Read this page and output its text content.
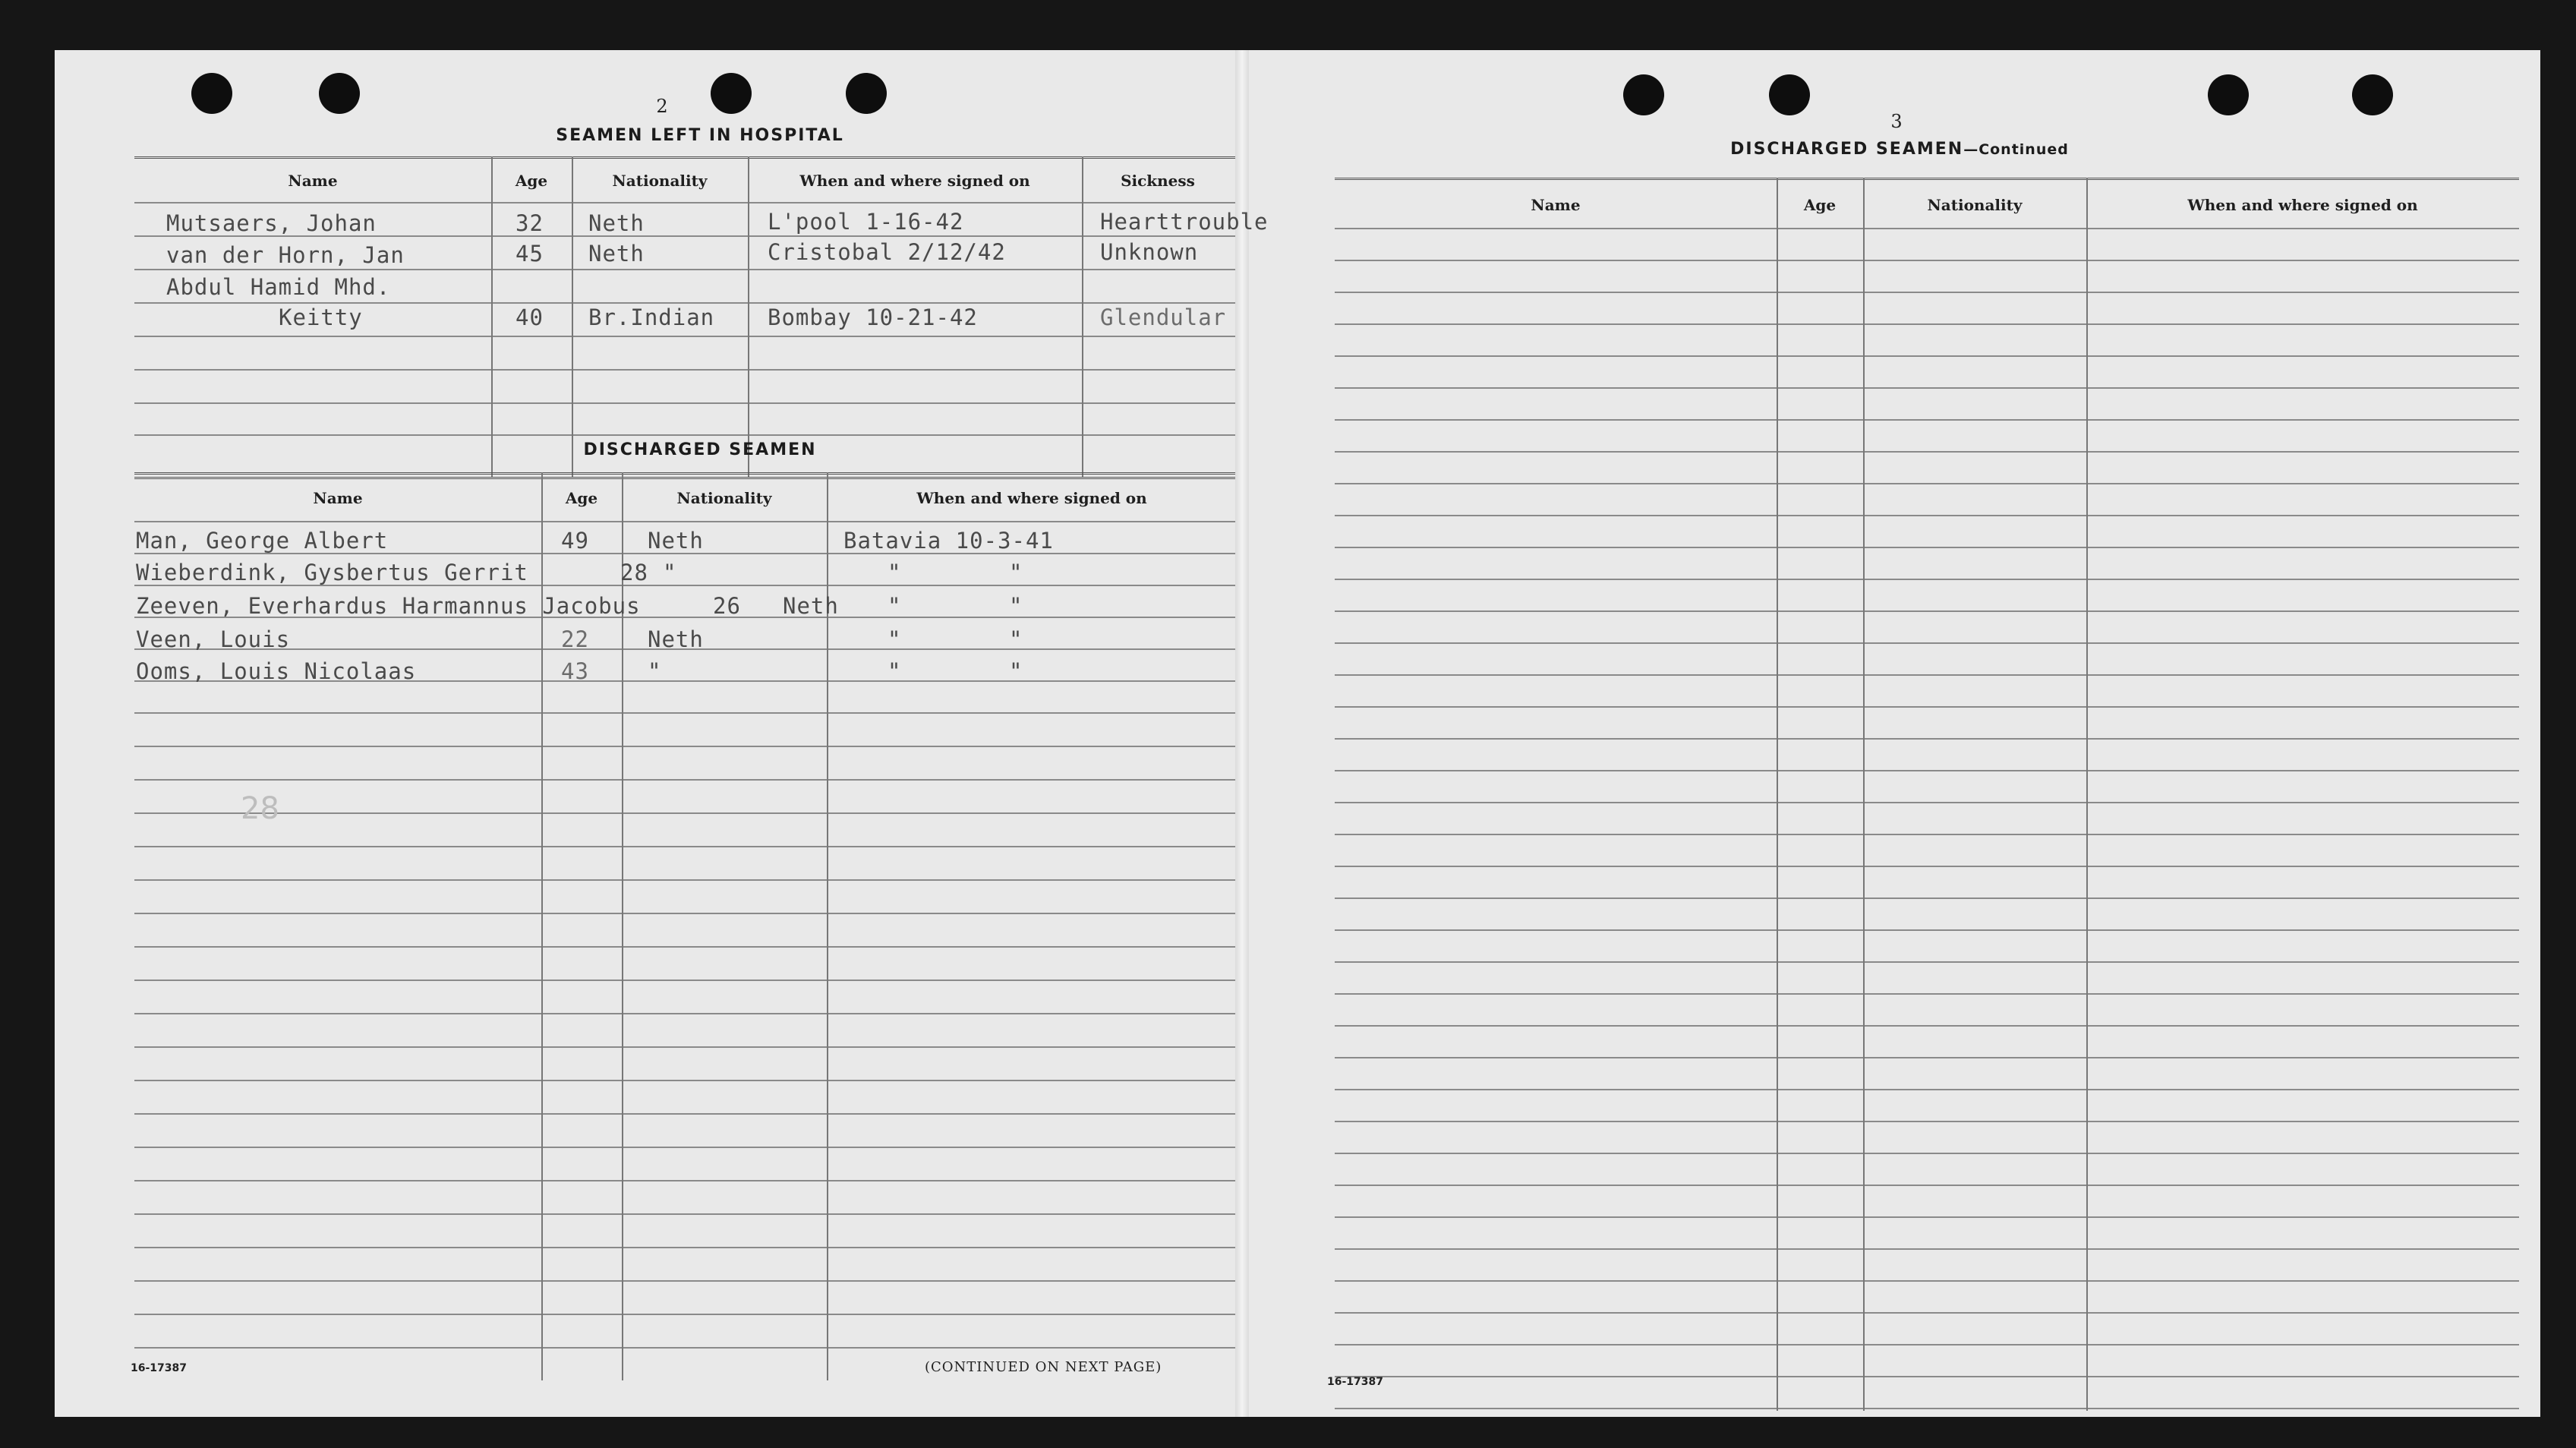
2
SEAMEN LEFT IN HOSPITAL
Name	Age	Nationality	When and where signed on	Sickness
Mutsaers, Johan	32 Neth	L'pool 1-16-42	Hearttrouble
van der Horn, Jan	45 Neth	Cristobal 2/12/42	Unknown
Abdul Hamid Mhd.
Keitty	40 Br.Indian Bombay 10-21-42	Glendular
DISCHARGED SEAMEN
Name	Age	Nationality	When and where signed on
Man, George Albert	49	Neth	Batavia 10-3-41
Wieberdink, Gysbertus Gerrit	28 "	"	"
Zeeven, Everhardus Harmannus Jacobus	26 Neth "	"
Veen, Louis	22	Neth	"	"
Ooms, Louis Nicolaas	43	"	"	"
28
16-17387	(CONTINUED ON NEXT PAGE)
3
DISCHARGED SEAMEN—Continued
Name	Age	Nationality	When and where signed on
16-17387
